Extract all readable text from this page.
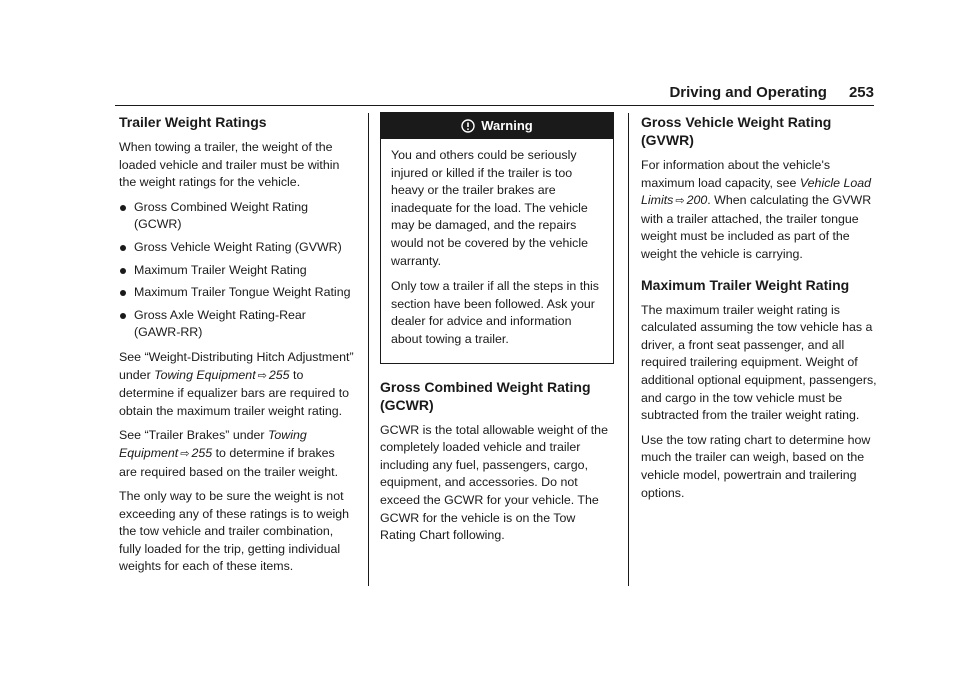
Driving and Operating 253
Trailer Weight Ratings

When towing a trailer, the weight of the loaded vehicle and trailer must be within the weight ratings for the vehicle.

Gross Combined Weight Rating (GCWR)
Gross Vehicle Weight Rating (GVWR)
Maximum Trailer Weight Rating
Maximum Trailer Tongue Weight Rating
Gross Axle Weight Rating-Rear (GAWR-RR)

See “Weight-Distributing Hitch Adjustment” under Towing Equipment ⇨ 255 to determine if equalizer bars are required to obtain the maximum trailer weight rating.

See “Trailer Brakes” under Towing Equipment ⇨ 255 to determine if brakes are required based on the trailer weight.

The only way to be sure the weight is not exceeding any of these ratings is to weigh the tow vehicle and trailer combination, fully loaded for the trip, getting individual weights for each of these items.

Warning

You and others could be seriously injured or killed if the trailer is too heavy or the trailer brakes are inadequate for the load. The vehicle may be damaged, and the repairs would not be covered by the vehicle warranty.

Only tow a trailer if all the steps in this section have been followed. Ask your dealer for advice and information about towing a trailer.

Gross Combined Weight Rating (GCWR)

GCWR is the total allowable weight of the completely loaded vehicle and trailer including any fuel, passengers, cargo, equipment, and accessories. Do not exceed the GCWR for your vehicle. The GCWR for the vehicle is on the Tow Rating Chart following.

Gross Vehicle Weight Rating (GVWR)

For information about the vehicle's maximum load capacity, see Vehicle Load Limits ⇨ 200. When calculating the GVWR with a trailer attached, the trailer tongue weight must be included as part of the weight the vehicle is carrying.

Maximum Trailer Weight Rating

The maximum trailer weight rating is calculated assuming the tow vehicle has a driver, a front seat passenger, and all required trailering equipment. Weight of additional optional equipment, passengers, and cargo in the tow vehicle must be subtracted from the trailer weight rating.

Use the tow rating chart to determine how much the trailer can weigh, based on the vehicle model, powertrain and trailering options.
